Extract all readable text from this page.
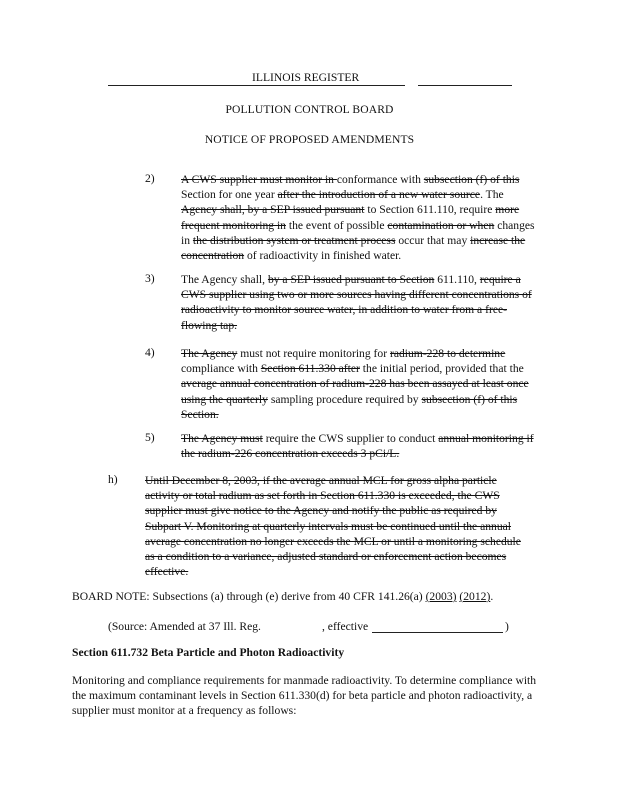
ILLINOIS REGISTER
POLLUTION CONTROL BOARD
NOTICE OF PROPOSED AMENDMENTS
2) A CWS supplier must monitor in conformance with subsection (f) of this Section for one year after the introduction of a new water source. The Agency shall, by a SEP issued pursuant to Section 611.110, require more frequent monitoring in the event of possible contamination or when changes in the distribution system or treatment process occur that may increase the concentration of radioactivity in finished water.
3) The Agency shall, by a SEP issued pursuant to Section 611.110, require a CWS supplier using two or more sources having different concentrations of radioactivity to monitor source water, in addition to water from a free-flowing tap.
4) The Agency must not require monitoring for radium-228 to determine compliance with Section 611.330 after the initial period, provided that the average annual concentration of radium-228 has been assayed at least once using the quarterly sampling procedure required by subsection (f) of this Section.
5) The Agency must require the CWS supplier to conduct annual monitoring if the radium-226 concentration exceeds 3 pCi/L.
h) Until December 8, 2003, if the average annual MCL for gross alpha particle activity or total radium as set forth in Section 611.330 is exceeded, the CWS supplier must give notice to the Agency and notify the public as required by Subpart V. Monitoring at quarterly intervals must be continued until the annual average concentration no longer exceeds the MCL or until a monitoring schedule as a condition to a variance, adjusted standard or enforcement action becomes effective.
BOARD NOTE: Subsections (a) through (e) derive from 40 CFR 141.26(a) (2003) (2012).
(Source: Amended at 37 Ill. Reg.	, effective	)
Section 611.732 Beta Particle and Photon Radioactivity
Monitoring and compliance requirements for manmade radioactivity. To determine compliance with the maximum contaminant levels in Section 611.330(d) for beta particle and photon radioactivity, a supplier must monitor at a frequency as follows:
